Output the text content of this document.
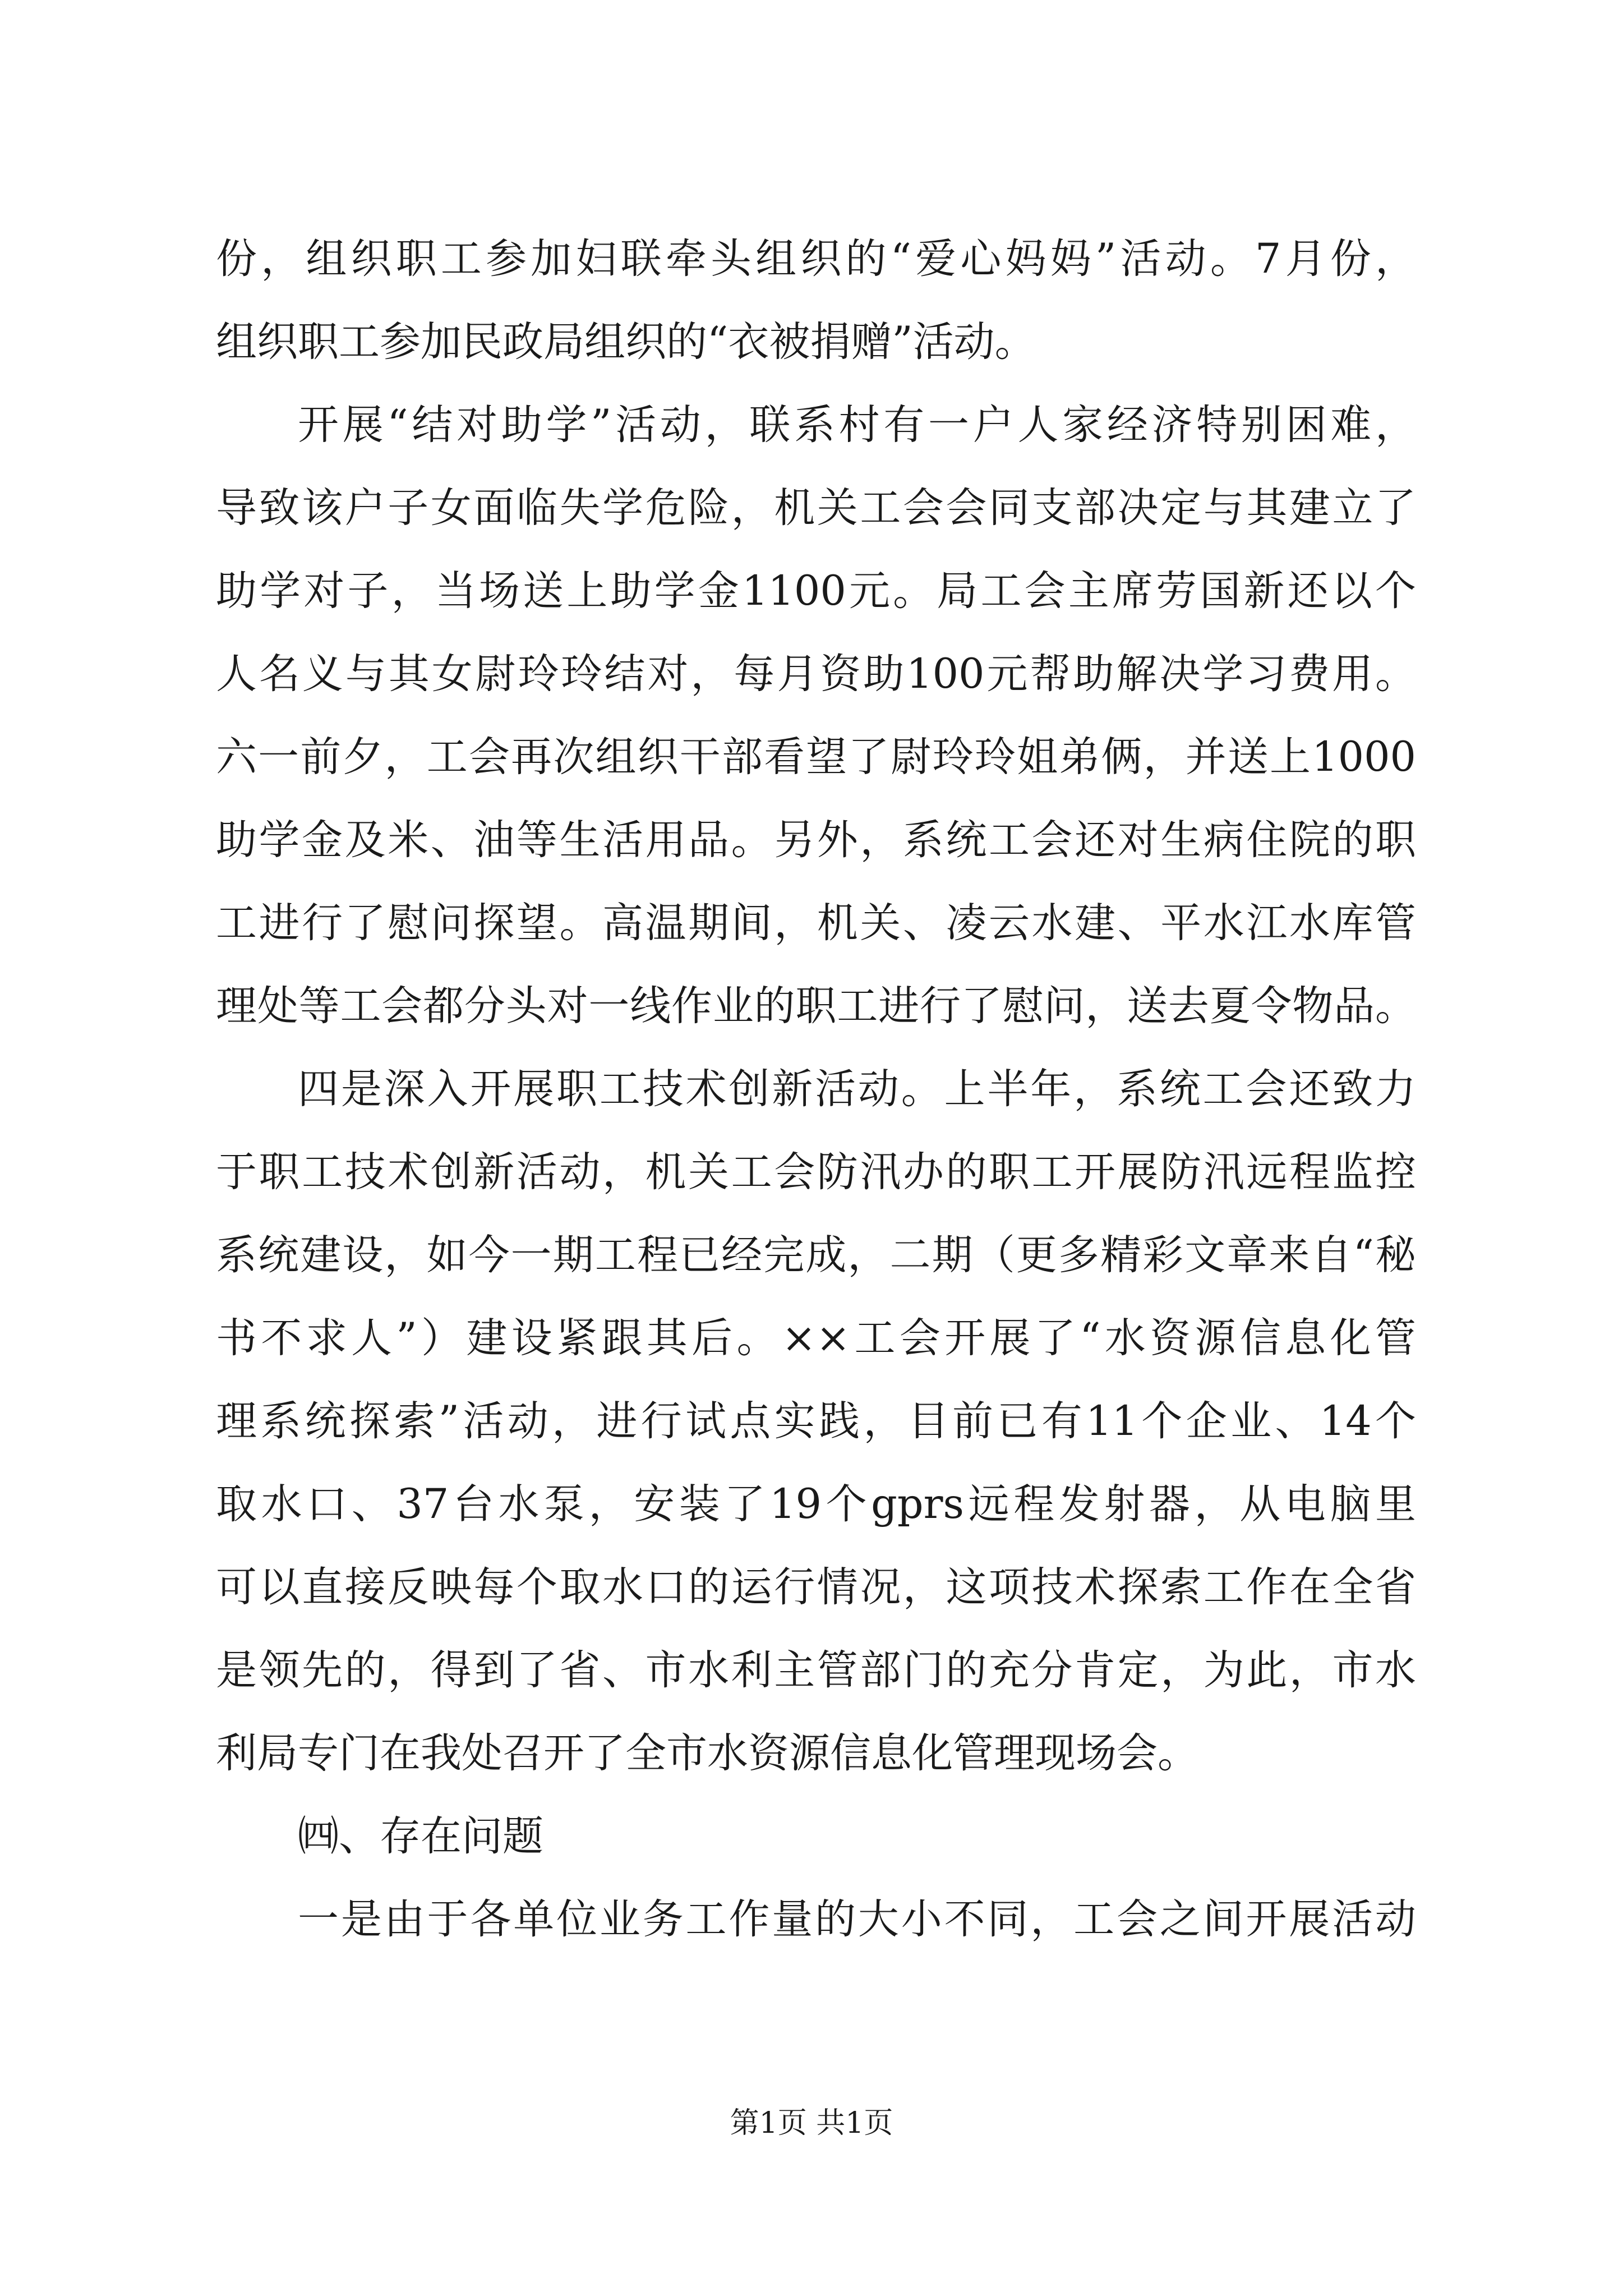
份，组织职工参加妇联牵头组织的“爱心妈妈”活动。7月份，
组织职工参加民政局组织的“衣被捐赠”活动。
开展“结对助学”活动，联系村有一户人家经济特别困难，
导致该户子女面临失学危险，机关工会会同支部决定与其建立了
助学对子，当场送上助学金1100元。局工会主席劳国新还以个
人名义与其女尉玲玲结对，每月资助100元帮助解决学习费用。
六一前夕，工会再次组织干部看望了尉玲玲姐弟俩，并送上1000
助学金及米、油等生活用品。另外，系统工会还对生病住院的职
工进行了慰问探望。高温期间，机关、凌云水建、平水江水库管
理处等工会都分头对一线作业的职工进行了慰问，送去夏令物品。
四是深入开展职工技术创新活动。上半年，系统工会还致力
于职工技术创新活动，机关工会防汛办的职工开展防汛远程监控
系统建设，如今一期工程已经完成，二期（更多精彩文章来自“秘
书不求人”）建设紧跟其后。××工会开展了“水资源信息化管
理系统探索”活动，进行试点实践，目前已有11个企业、14个
取水口、37台水泵，安装了19个gprs远程发射器，从电脑里
可以直接反映每个取水口的运行情况，这项技术探索工作在全省
是领先的，得到了省、市水利主管部门的充分肯定，为此，市水
利局专门在我处召开了全市水资源信息化管理现场会。
㈣、存在问题
一是由于各单位业务工作量的大小不同，工会之间开展活动
第1页 共1页
